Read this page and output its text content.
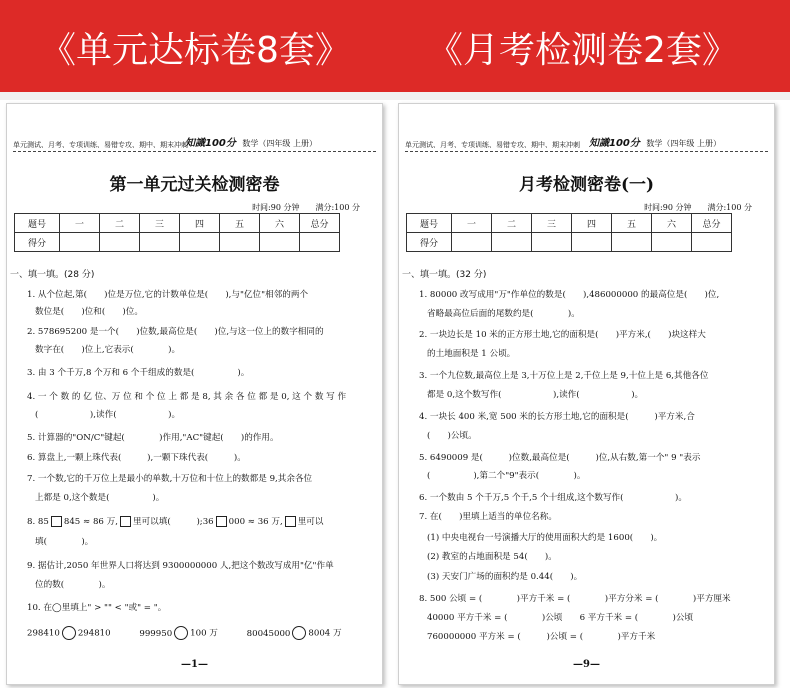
《单元达标卷8套》 《月考检测卷2套》
单元测试、月考、专项训练、易错专攻、期中、期末冲刺
知識100分 数学（四年级 上册）
第一单元过关检测密卷
时间:90 分钟　　满分:100 分
题号	一	二	三	四	五	六	总分
得分							
一、填一填。(28 分)
1. 从个位起,第(　　)位是万位,它的计数单位是(　　),与"亿位"相邻的两个
数位是(　　)位和(　　)位。
2. 578695200 是一个(　　)位数,最高位是(　　)位,与这一位上的数字相同的
数字在(　　)位上,它表示(　　　　)。
3. 由 3 个千万,8 个万和 6 个千组成的数是(　　　　　)。
4. 一 个 数 的 亿 位、万 位 和 个 位 上 都 是 8, 其 余 各 位 都 是 0, 这 个 数 写 作
(　　　　　　),读作(　　　　　　)。
5. 计算器的"ON/C"键起(　　　　)作用,"AC"键起(　　)的作用。
6. 算盘上,一颗上珠代表(　　　),一颗下珠代表(　　　)。
7. 一个数,它的千万位上是最小的单数,十万位和十位上的数都是 9,其余各位
上都是 0,这个数是(　　　　　)。
8. 85 845 ≈ 86 万, 里可以填(　　　);36 000 ≈ 36 万, 里可以
填(　　　　)。
9. 据估计,2050 年世界人口将达到 9300000000 人,把这个数改写成用"亿"作单
位的数(　　　　)。
10. 在◯里填上" > "" < "或" = "。
298410 294810	999950 100 万	80045000 8004 万
—1—
单元测试、月考、专项训练、易错专攻、期中、期末冲刺 知識100分 数学（四年级 上册）
月考检测密卷(一)
时间:90 分钟　　满分:100 分
题号	一	二	三	四	五	六	总分
得分							
一、填一填。(32 分)
1. 80000 改写成用"万"作单位的数是(　　),486000000 的最高位是(　　)位,
省略最高位后面的尾数约是(　　　　)。
2. 一块边长是 10 米的正方形土地,它的面积是(　　)平方米,(　　)块这样大
的土地面积是 1 公顷。
3. 一个九位数,最高位上是 3,十万位上是 2,千位上是 9,十位上是 6,其他各位
都是 0,这个数写作(　　　　　　),读作(　　　　　　)。
4. 一块长 400 米,宽 500 米的长方形土地,它的面积是(　　　)平方米,合
(　　)公顷。
5. 6490009 是(　　　)位数,最高位是(　　　)位,从右数,第一个" 9 "表示
(　　　　　),第二个"9"表示(　　　　)。
6. 一个数由 5 个千万,5 个千,5 个十组成,这个数写作(　　　　　　)。
7. 在(　　)里填上适当的单位名称。
(1) 中央电视台一号演播大厅的使用面积大约是 1600(　　)。
(2) 教室的占地面积是 54(　　)。
(3) 天安门广场的面积约是 0.44(　　)。
8. 500 公顷 = (　　　　)平方千米 = (　　　　)平方分米 = (　　　　)平方厘米
40000 平方千米 = (　　　　)公顷　　6 平方千米 = (　　　　)公顷
760000000 平方米 = (　　　)公顷 = (　　　　)平方千米
—9—
